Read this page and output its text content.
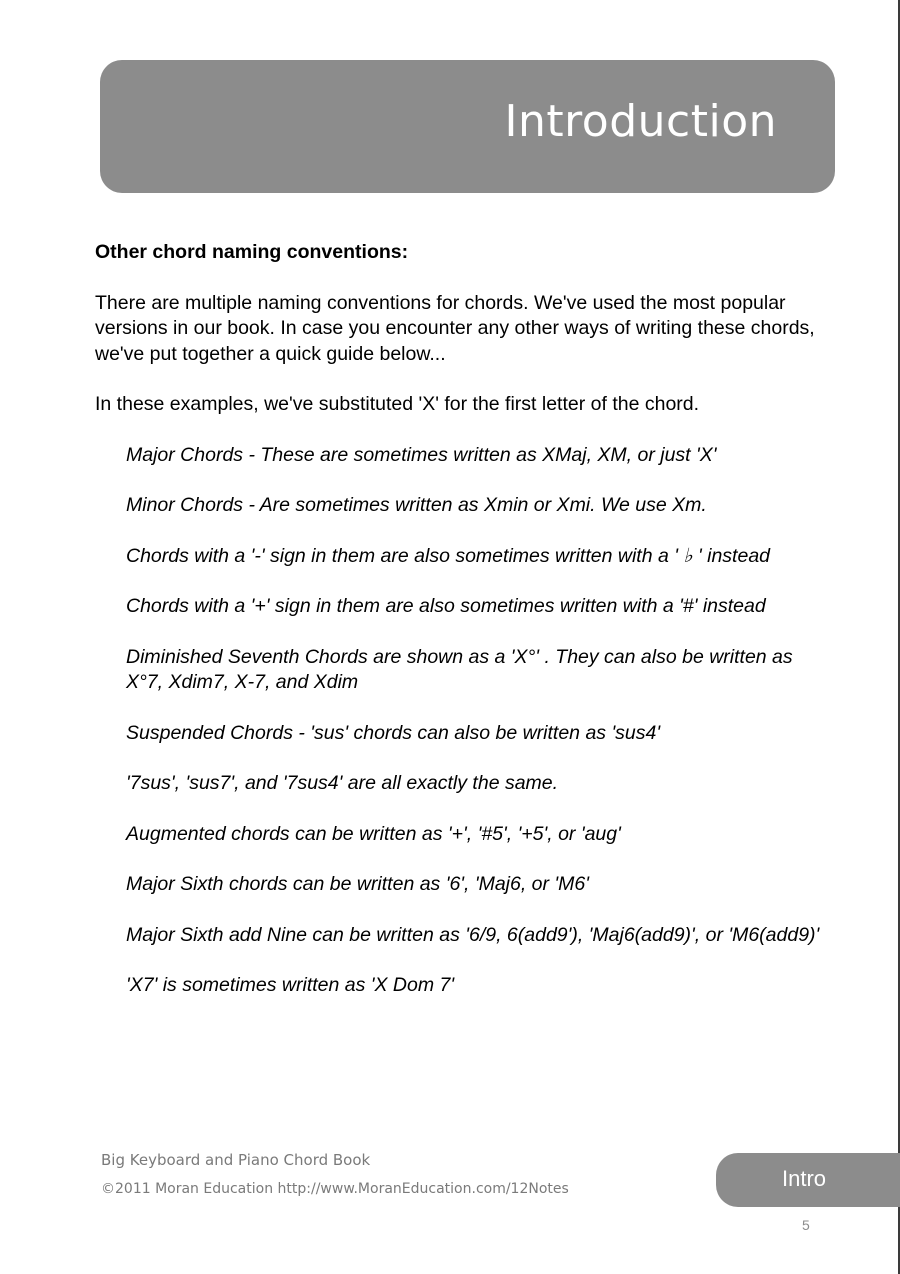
Introduction

Other chord naming conventions:

There are multiple naming conventions for chords. We've used the most popular versions in our book. In case you encounter any other ways of writing these chords, we've put together a quick guide below...

In these examples, we've substituted 'X' for the first letter of the chord.

Major Chords - These are sometimes written as XMaj, XM, or just 'X'
Minor Chords - Are sometimes written as Xmin or Xmi. We use Xm.
Chords with a '-' sign in them are also sometimes written with a ' ♭ ' instead
Chords with a '+' sign in them are also sometimes written with a '#' instead
Diminished Seventh Chords are shown as a 'X°' . They can also be written as X°7, Xdim7, X-7, and Xdim
Suspended Chords - 'sus' chords can also be written as 'sus4'
'7sus', 'sus7', and '7sus4' are all exactly the same.
Augmented chords can be written as '+', '#5', '+5', or 'aug'
Major Sixth chords can be written as '6', 'Maj6, or 'M6'
Major Sixth add Nine can be written as '6/9, 6(add9'), 'Maj6(add9)', or 'M6(add9)'
'X7' is sometimes written as 'X Dom 7'
Big Keyboard and Piano Chord Book
©2011 Moran Education http://www.MoranEducation.com/12Notes	Intro
5
